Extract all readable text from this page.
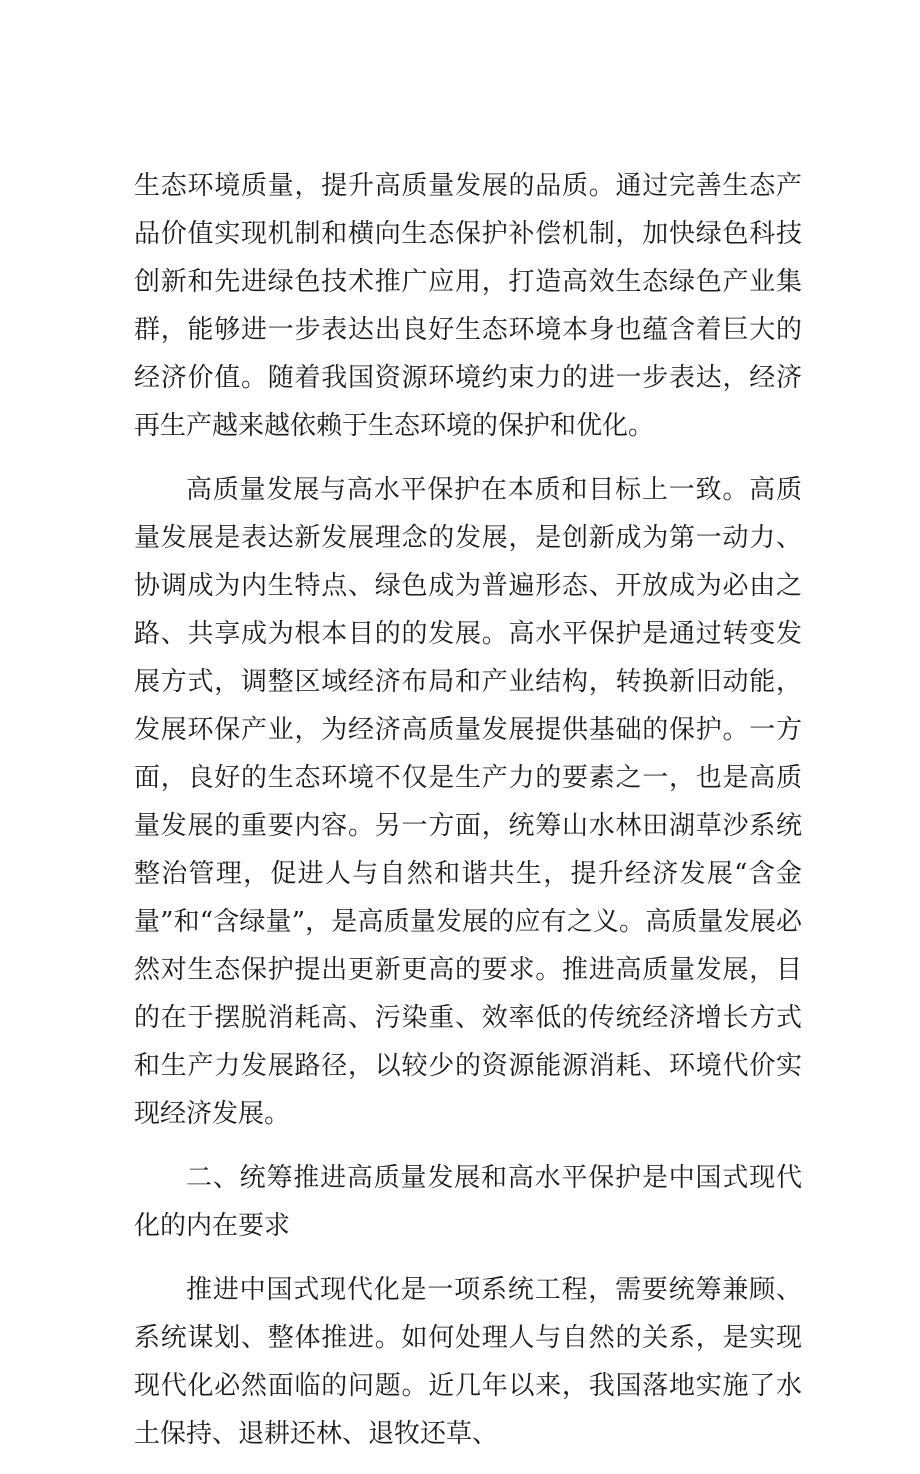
生态环境质量，提升高质量发展的品质。通过完善生态产品价值实现机制和横向生态保护补偿机制，加快绿色科技创新和先进绿色技术推广应用，打造高效生态绿色产业集群，能够进一步表达出良好生态环境本身也蕴含着巨大的经济价值。随着我国资源环境约束力的进一步表达，经济再生产越来越依赖于生态环境的保护和优化。

高质量发展与高水平保护在本质和目标上一致。高质量发展是表达新发展理念的发展，是创新成为第一动力、协调成为内生特点、绿色成为普遍形态、开放成为必由之路、共享成为根本目的的发展。高水平保护是通过转变发展方式，调整区域经济布局和产业结构，转换新旧动能，发展环保产业，为经济高质量发展提供基础的保护。一方面，良好的生态环境不仅是生产力的要素之一，也是高质量发展的重要内容。另一方面，统筹山水林田湖草沙系统整治管理，促进人与自然和谐共生，提升经济发展“含金量”和“含绿量”，是高质量发展的应有之义。高质量发展必然对生态保护提出更新更高的要求。推进高质量发展，目的在于摆脱消耗高、污染重、效率低的传统经济增长方式和生产力发展路径，以较少的资源能源消耗、环境代价实现经济发展。

二、统筹推进高质量发展和高水平保护是中国式现代化的内在要求

推进中国式现代化是一项系统工程，需要统筹兼顾、系统谋划、整体推进。如何处理人与自然的关系，是实现现代化必然面临的问题。近几年以来，我国落地实施了水土保持、退耕还林、退牧还草、
